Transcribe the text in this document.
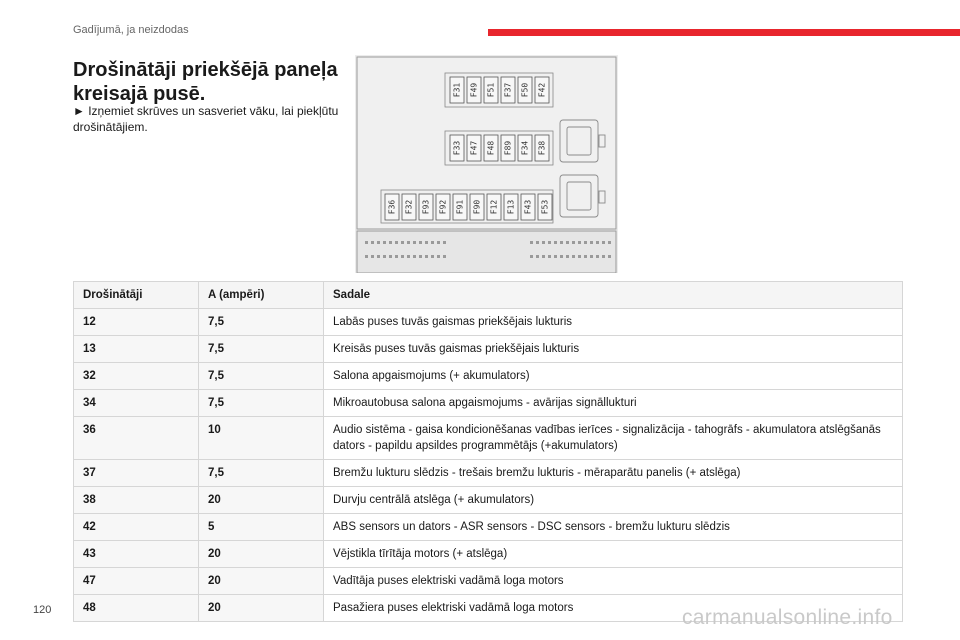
Gadījumā, ja neizdodas
Drošinātāji priekšējā paneļa kreisajā pusē.

► Izņemiet skrūves un sasveriet vāku, lai piekļūtu drošinātājiem.

F31 F49 F51 F37 F50 F42
F33 F47 F48 F89 F34 F38
F36 F32 F93 F92 F91 F90 F12 F13 F43 F53
Drošinātāji	A (ampēri)	Sadale
12	7,5	Labās puses tuvās gaismas priekšējais lukturis
13	7,5	Kreisās puses tuvās gaismas priekšējais lukturis
32	7,5	Salona apgaismojums (+ akumulators)
34	7,5	Mikroautobusa salona apgaismojums - avārijas signāllukturi
36	10	Audio sistēma - gaisa kondicionēšanas vadības ierīces - signalizācija - tahogrāfs - akumulatora atslēgšanās dators - papildu apsildes programmētājs (+akumulators)
37	7,5	Bremžu lukturu slēdzis - trešais bremžu lukturis - mēraparātu panelis (+ atslēga)
38	20	Durvju centrālā atslēga (+ akumulators)
42	5	ABS sensors un dators - ASR sensors - DSC sensors - bremžu lukturu slēdzis
43	20	Vējstikla tīrītāja motors (+ atslēga)
47	20	Vadītāja puses elektriski vadāmā loga motors
48	20	Pasažiera puses elektriski vadāmā loga motors
120	carmanualsonline.info
